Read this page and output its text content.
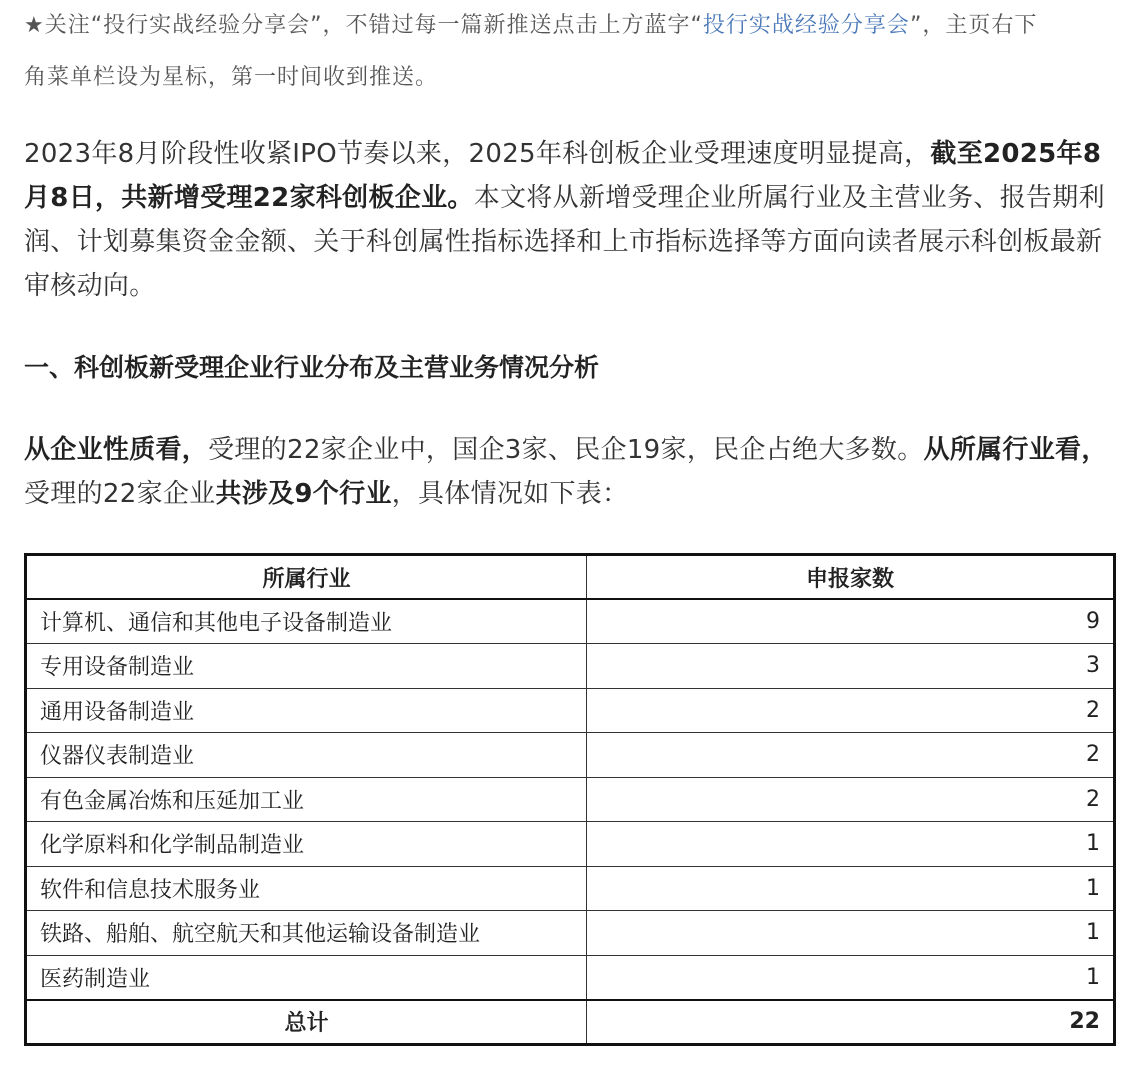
★关注“投行实战经验分享会”，不错过每一篇新推送点击上方蓝字“投行实战经验分享会”，主页右下
角菜单栏设为星标，第一时间收到推送。

2023年8月阶段性收紧IPO节奏以来，2025年科创板企业受理速度明显提高，截至2025年8月8日，共新增受理22家科创板企业。本文将从新增受理企业所属行业及主营业务、报告期利润、计划募集资金金额、关于科创属性指标选择和上市指标选择等方面向读者展示科创板最新审核动向。

一、科创板新受理企业行业分布及主营业务情况分析

从企业性质看，受理的22家企业中，国企3家、民企19家，民企占绝大多数。从所属行业看，受理的22家企业共涉及9个行业，具体情况如下表：

所属行业	申报家数
计算机、通信和其他电子设备制造业	9
专用设备制造业	3
通用设备制造业	2
仪器仪表制造业	2
有色金属冶炼和压延加工业	2
化学原料和化学制品制造业	1
软件和信息技术服务业	1
铁路、船舶、航空航天和其他运输设备制造业	1
医药制造业	1
总计	22
